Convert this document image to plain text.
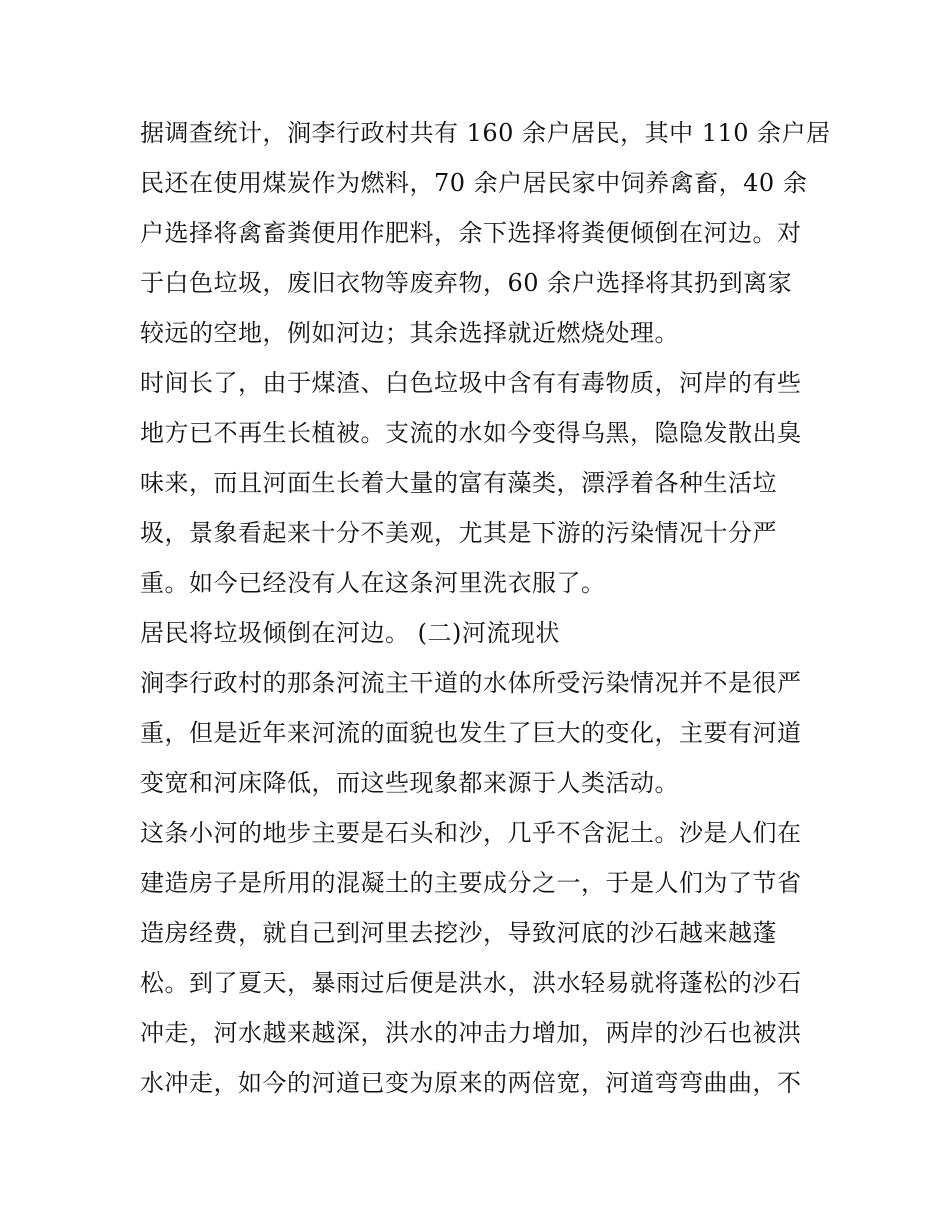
据调查统计，涧李行政村共有 160 余户居民，其中 110 余户居

民还在使用煤炭作为燃料，70 余户居民家中饲养禽畜，40 余

户选择将禽畜粪便用作肥料，余下选择将粪便倾倒在河边。对

于白色垃圾，废旧衣物等废弃物，60 余户选择将其扔到离家

较远的空地，例如河边；其余选择就近燃烧处理。

时间长了，由于煤渣、白色垃圾中含有有毒物质，河岸的有些

地方已不再生长植被。支流的水如今变得乌黑，隐隐发散出臭

味来，而且河面生长着大量的富有藻类，漂浮着各种生活垃

圾，景象看起来十分不美观，尤其是下游的污染情况十分严

重。如今已经没有人在这条河里洗衣服了。

居民将垃圾倾倒在河边。 (二)河流现状

涧李行政村的那条河流主干道的水体所受污染情况并不是很严

重，但是近年来河流的面貌也发生了巨大的变化，主要有河道

变宽和河床降低，而这些现象都来源于人类活动。

这条小河的地步主要是石头和沙，几乎不含泥土。沙是人们在

建造房子是所用的混凝土的主要成分之一，于是人们为了节省

造房经费，就自己到河里去挖沙，导致河底的沙石越来越蓬

松。到了夏天，暴雨过后便是洪水，洪水轻易就将蓬松的沙石

冲走，河水越来越深，洪水的冲击力增加，两岸的沙石也被洪

水冲走，如今的河道已变为原来的两倍宽，河道弯弯曲曲，不
